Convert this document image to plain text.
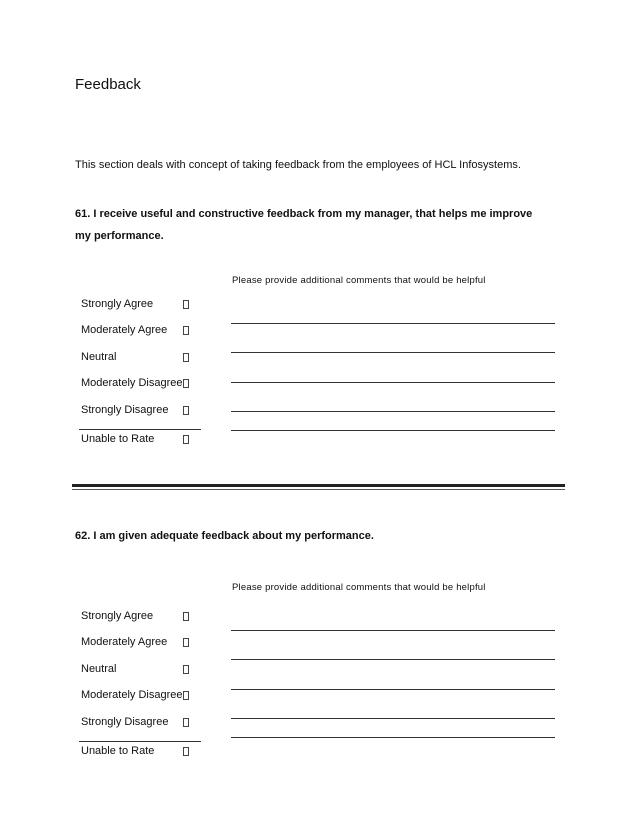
Feedback
This section deals with concept of taking feedback from the employees of HCL Infosystems.
61. I receive useful and constructive feedback from my manager, that helps me improve my performance.
Please provide additional comments that would be helpful
Strongly Agree
Moderately Agree
Neutral
Moderately Disagree
Strongly Disagree
Unable to Rate
62. I am given adequate feedback about my performance.
Please provide additional comments that would be helpful
Strongly Agree
Moderately Agree
Neutral
Moderately Disagree
Strongly Disagree
Unable to Rate
